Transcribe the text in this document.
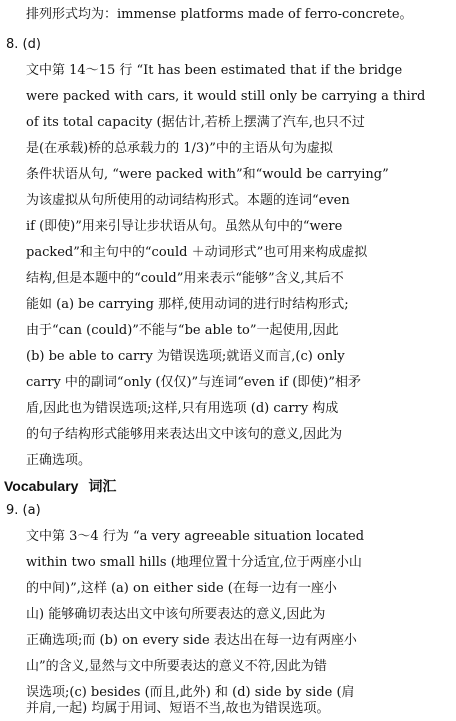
排列形式均为：immense platforms made of ferro-concrete。
8. (d)
文中第 14～15 行 “It has been estimated that if the bridge
were packed with cars, it would still only be carrying a third
of its total capacity (据估计,若桥上摆满了汽车,也只不过
是(在承载)桥的总承载力的 1/3)”中的主语从句为虚拟
条件状语从句, “were packed with”和“would be carrying”
为该虚拟从句所使用的动词结构形式。本题的连词“even
if (即使)”用来引导让步状语从句。虽然从句中的“were
packed”和主句中的“could ＋动词形式”也可用来构成虚拟
结构,但是本题中的“could”用来表示“能够”含义,其后不
能如 (a) be carrying 那样,使用动词的进行时结构形式;
由于“can (could)”不能与“be able to”一起使用,因此
(b) be able to carry 为错误选项;就语义而言,(c) only
carry 中的副词“only (仅仅)”与连词“even if (即使)”相矛
盾,因此也为错误选项;这样,只有用选项 (d) carry 构成
的句子结构形式能够用来表达出文中该句的意义,因此为
正确选项。
Vocabulary 词汇
9. (a)
文中第 3～4 行为 “a very agreeable situation located
within two small hills (地理位置十分适宜,位于两座小山
的中间)”,这样 (a) on either side (在每一边有一座小
山) 能够确切表达出文中该句所要表达的意义,因此为
正确选项;而 (b) on every side 表达出在每一边有两座小
山”的含义,显然与文中所要表达的意义不符,因此为错
误选项;(c) besides (而且,此外) 和 (d) side by side (肩
并肩,一起) 均属于用词、短语不当,故也为错误选项。
